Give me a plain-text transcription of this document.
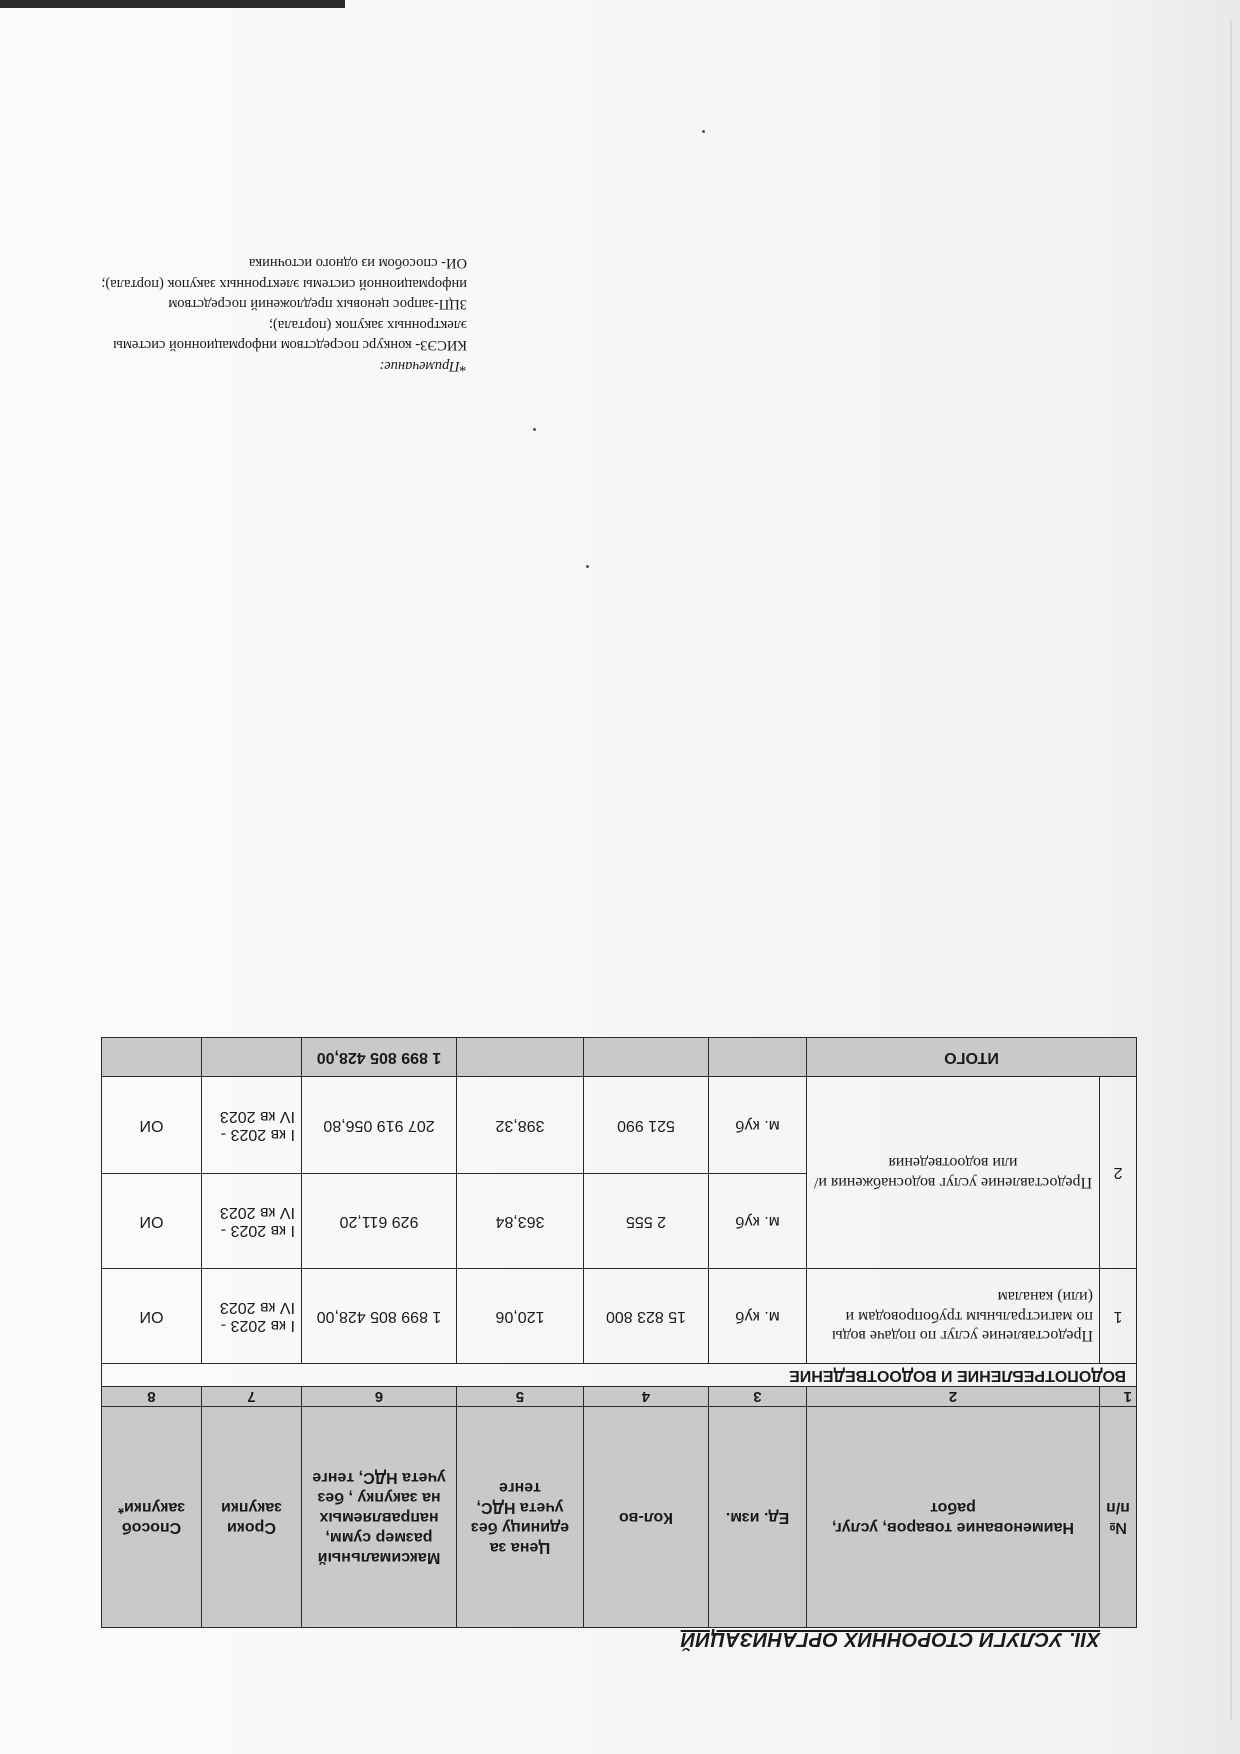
XII. УСЛУГИ СТОРОННИХ ОРГАНИЗАЦИЙ
№ п/п	Наименование товаров, услуг, работ	Ед. изм.	Кол-во	Цена за единицу без учета НДС, тенге	Максимальный размер сумм, направляемых на закупку , без учета НДС, тенге	Сроки закупки	Способ закупки*
1	2	3	4	5	6	7	8
ВОДОПОТРЕБЛЕНИЕ И ВОДООТВЕДЕНИЕ							
1	Предоставление услуг по подаче воды по магистральным трубопроводам и (или) каналам	м. куб	15 823 800	120,06	1 899 805 428,00	I кв 2023 - IV кв 2023	ОИ
2	Предоставление услуг водоснабжения и/или водоотведения	м. куб	2 555	363,84	929 611,20	I кв 2023 - IV кв 2023	ОИ
		м. куб	521 990	398,32	207 919 056,80	I кв 2023 - IV кв 2023	ОИ
ИТОГО					1 899 805 428,00		
*Примечание:
КИСЭЗ- конкурс посредством информационной системы электронных закупок (портала);
ЗЦП-запрос ценовых предложений посредством информационной системы электронных закупок (портала);
ОИ- способом из одного источника
